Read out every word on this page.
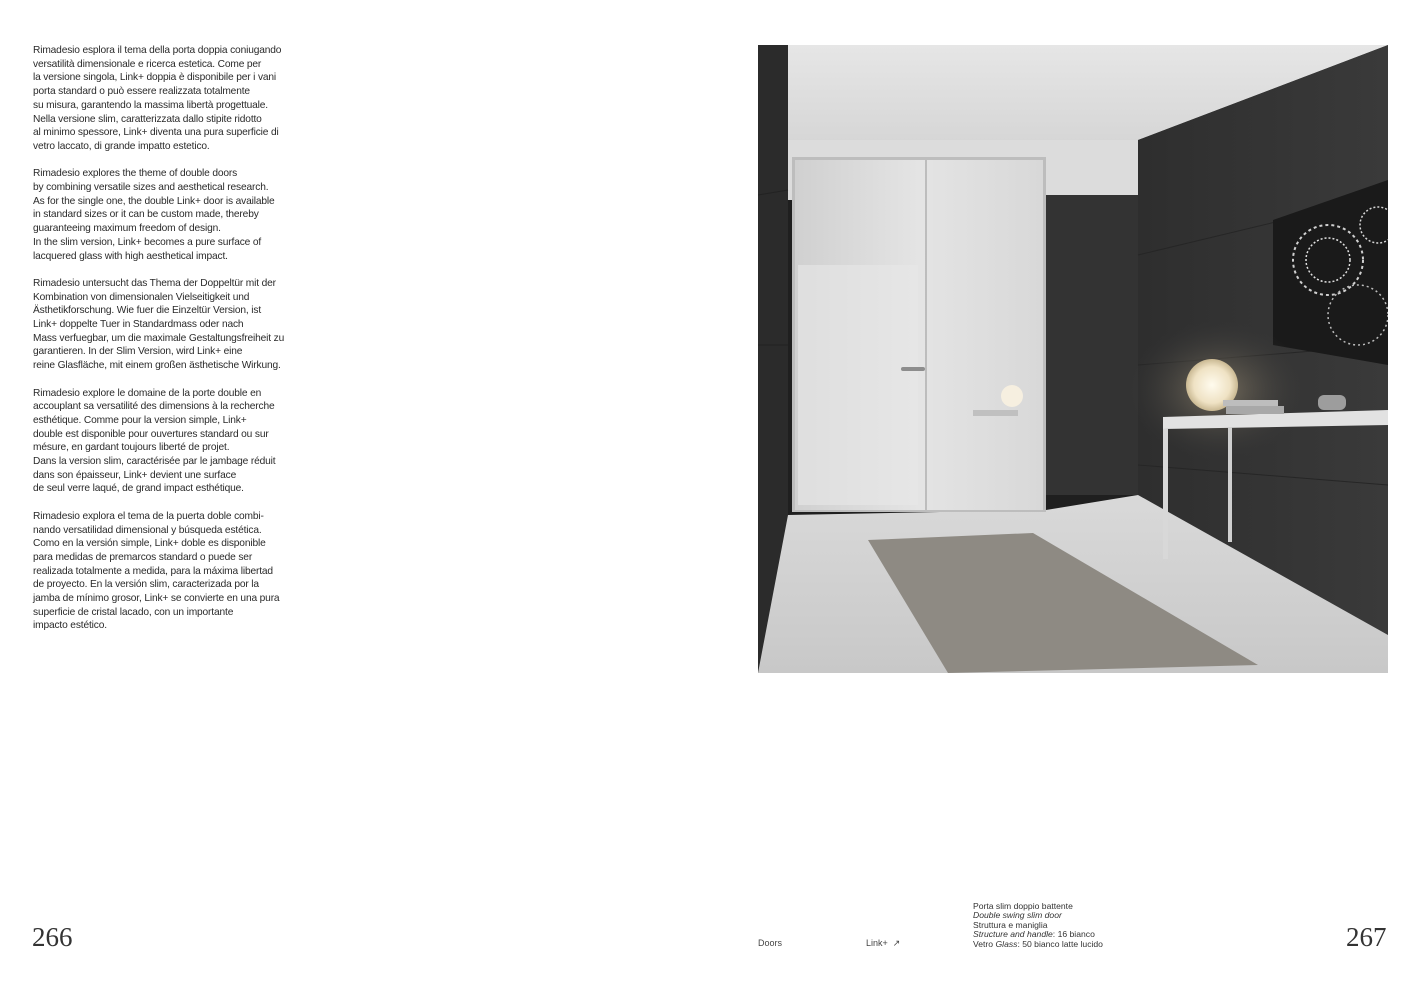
Rimadesio esplora il tema della porta doppia coniugando
versatilità dimensionale e ricerca estetica. Come per
la versione singola, Link+ doppia è disponibile per i vani
porta standard o può essere realizzata totalmente
su misura, garantendo la massima libertà progettuale.
Nella versione slim, caratterizzata dallo stipite ridotto
al minimo spessore, Link+ diventa una pura superficie di
vetro laccato, di grande impatto estetico.

Rimadesio explores the theme of double doors
by combining versatile sizes and aesthetical research.
As for the single one, the double Link+ door is available
in standard sizes or it can be custom made, thereby
guaranteeing maximum freedom of design.
In the slim version, Link+ becomes a pure surface of
lacquered glass with high aesthetical impact.

Rimadesio untersucht das Thema der Doppeltür mit der
Kombination von dimensionalen Vielseitigkeit und
Ästhetikforschung. Wie fuer die Einzeltür Version, ist
Link+ doppelte Tuer in Standardmass oder nach
Mass verfuegbar, um die maximale Gestaltungsfreiheit zu
garantieren. In der Slim Version, wird Link+ eine
reine Glasfläche, mit einem großen ästhetische Wirkung.

Rimadesio explore le domaine de la porte double en
accouplant sa versatilité des dimensions à la recherche
esthétique. Comme pour la version simple, Link+
double est disponible pour ouvertures standard ou sur
mésure, en gardant toujours liberté de projet.
Dans la version slim, caractérisée par le jambage réduit
dans son épaisseur, Link+ devient une surface
de seul verre laqué, de grand impact esthétique.

Rimadesio explora el tema de la puerta doble combi-
nando versatilidad dimensional y búsqueda estética.
Como en la versión simple, Link+ doble es disponible
para medidas de premarcos standard o puede ser
realizada totalmente a medida, para la máxima libertad
de proyecto. En la versión slim, caracterizada por la
jamba de mínimo grosor, Link+ se convierte en una pura
superficie de cristal lacado, con un importante
impacto estético.

266	267
Doors	Link+ ↗
Porta slim doppio battente
Double swing slim door
Struttura e maniglia
Structure and handle: 16 bianco
Vetro Glass: 50 bianco latte lucido
